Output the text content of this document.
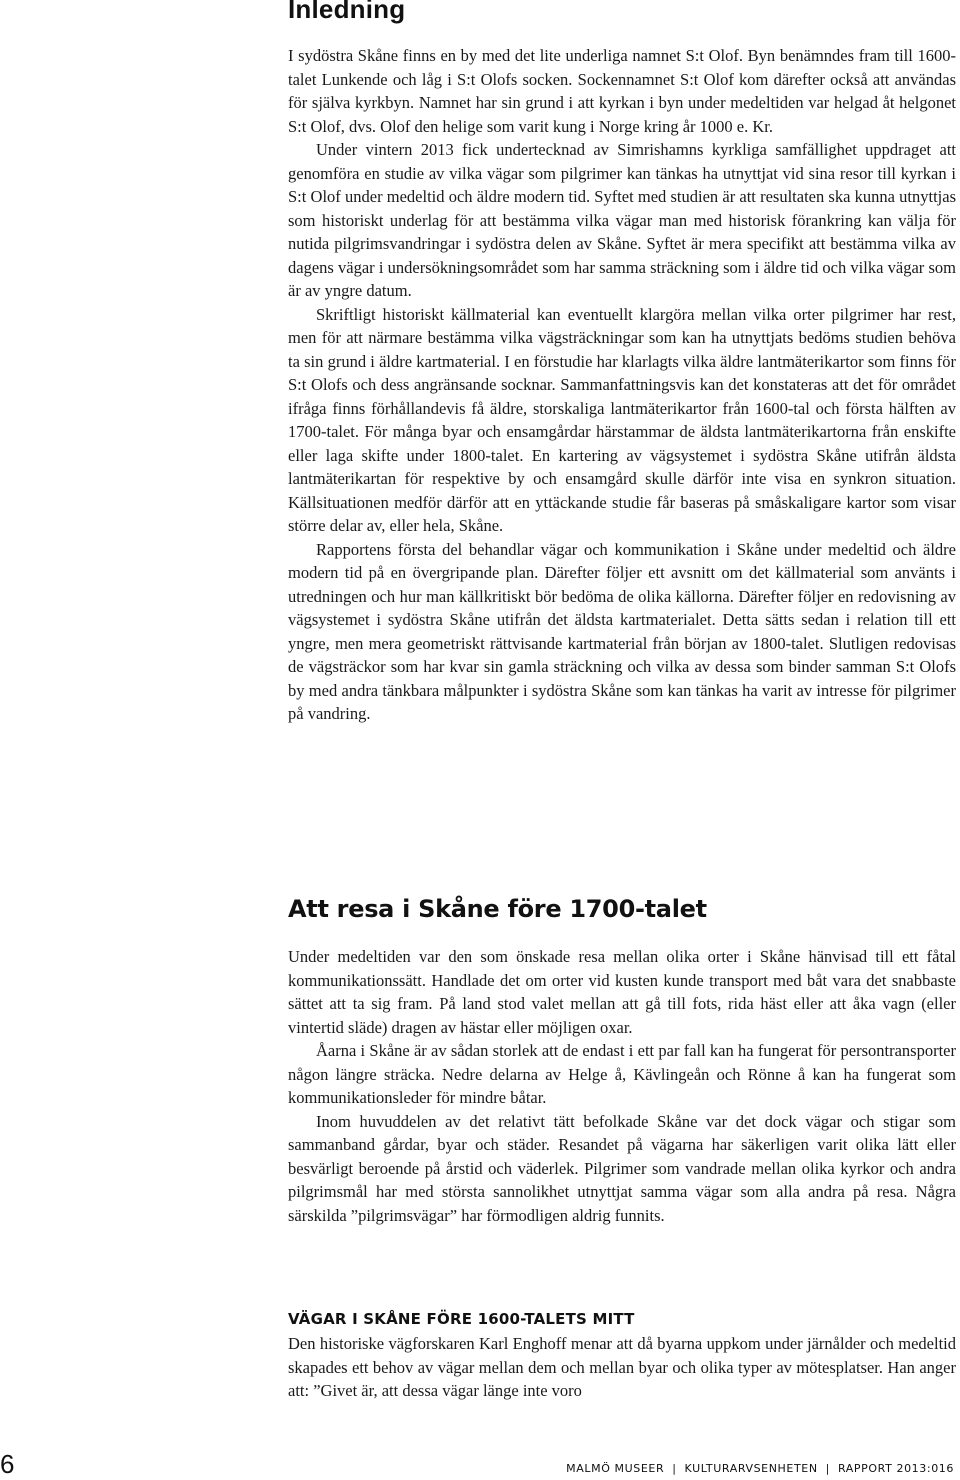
Inledning

I sydöstra Skåne finns en by med det lite underliga namnet S:t Olof. Byn benämndes fram till 1600-talet Lunkende och låg i S:t Olofs socken. Sockennamnet S:t Olof kom därefter också att användas för själva kyrkbyn. Namnet har sin grund i att kyrkan i byn under medeltiden var helgad åt helgonet S:t Olof, dvs. Olof den helige som varit kung i Norge kring år 1000 e. Kr.

Under vintern 2013 fick undertecknad av Simrishamns kyrkliga samfällighet uppdraget att genomföra en studie av vilka vägar som pilgrimer kan tänkas ha utnyttjat vid sina resor till kyrkan i S:t Olof under medeltid och äldre modern tid. Syftet med studien är att resultaten ska kunna utnyttjas som historiskt underlag för att bestämma vilka vägar man med historisk förankring kan välja för nutida pilgrimsvandringar i sydöstra delen av Skåne. Syftet är mera specifikt att bestämma vilka av dagens vägar i undersökningsområdet som har samma sträckning som i äldre tid och vilka vägar som är av yngre datum.

Skriftligt historiskt källmaterial kan eventuellt klargöra mellan vilka orter pilgrimer har rest, men för att närmare bestämma vilka vägsträckningar som kan ha utnyttjats bedöms studien behöva ta sin grund i äldre kartmaterial. I en förstudie har klarlagts vilka äldre lantmäterikartor som finns för S:t Olofs och dess angränsande socknar. Sammanfattningsvis kan det konstateras att det för området ifråga finns förhållandevis få äldre, storskaliga lantmäterikartor från 1600-tal och första hälften av 1700-talet. För många byar och ensamgårdar härstammar de äldsta lantmäterikartorna från enskifte eller laga skifte under 1800-talet. En kartering av vägsystemet i sydöstra Skåne utifrån äldsta lantmäterikartan för respektive by och ensamgård skulle därför inte visa en synkron situation. Källsituationen medför därför att en yttäckande studie får baseras på småskaligare kartor som visar större delar av, eller hela, Skåne.

Rapportens första del behandlar vägar och kommunikation i Skåne under medeltid och äldre modern tid på en övergripande plan. Därefter följer ett avsnitt om det källmaterial som använts i utredningen och hur man källkritiskt bör bedöma de olika källorna. Därefter följer en redovisning av vägsystemet i sydöstra Skåne utifrån det äldsta kartmaterialet. Detta sätts sedan i relation till ett yngre, men mera geometriskt rättvisande kartmaterial från början av 1800-talet. Slutligen redovisas de vägsträckor som har kvar sin gamla sträckning och vilka av dessa som binder samman S:t Olofs by med andra tänkbara målpunkter i sydöstra Skåne som kan tänkas ha varit av intresse för pilgrimer på vandring.

Att resa i Skåne före 1700-talet

Under medeltiden var den som önskade resa mellan olika orter i Skåne hänvisad till ett fåtal kommunikationssätt. Handlade det om orter vid kusten kunde transport med båt vara det snabbaste sättet att ta sig fram. På land stod valet mellan att gå till fots, rida häst eller att åka vagn (eller vintertid släde) dragen av hästar eller möjligen oxar.

Åarna i Skåne är av sådan storlek att de endast i ett par fall kan ha fungerat för persontransporter någon längre sträcka. Nedre delarna av Helge å, Kävlingeån och Rönne å kan ha fungerat som kommunikationsleder för mindre båtar.

Inom huvuddelen av det relativt tätt befolkade Skåne var det dock vägar och stigar som sammanband gårdar, byar och städer. Resandet på vägarna har säkerligen varit olika lätt eller besvärligt beroende på årstid och väderlek. Pilgrimer som vandrade mellan olika kyrkor och andra pilgrimsmål har med största sannolikhet utnyttjat samma vägar som alla andra på resa. Några särskilda ”pilgrimsvägar” har förmodligen aldrig funnits.

VÄGAR I SKÅNE FÖRE 1600-TALETS MITT

Den historiske vägforskaren Karl Enghoff menar att då byarna uppkom under järnålder och medeltid skapades ett behov av vägar mellan dem och mellan byar och olika typer av mötesplatser. Han anger att: ”Givet är, att dessa vägar länge inte voro

6	MALMÖ MUSEER | KULTURARVSENHETEN | RAPPORT 2013:016
